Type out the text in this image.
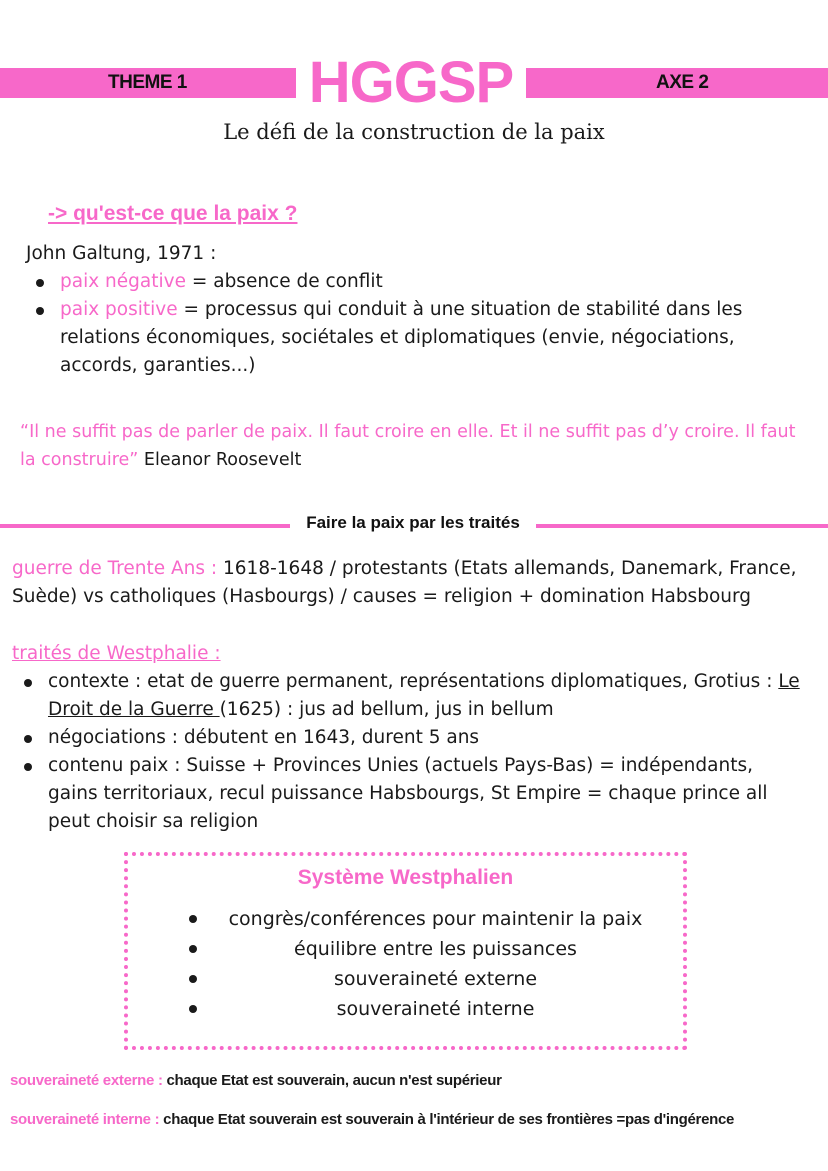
THEME 1 HGGSP	AXE 2
Le défi de la construction de la paix
-> qu'est-ce que la paix ?
John Galtung, 1971 :
paix négative = absence de conflit
paix positive = processus qui conduit à une situation de stabilité dans les relations économiques, sociétales et diplomatiques (envie, négociations, accords, garanties...)
“Il ne suffit pas de parler de paix. Il faut croire en elle. Et il ne suffit pas d’y croire. Il faut la construire” Eleanor Roosevelt
Faire la paix par les traités
guerre de Trente Ans : 1618-1648 / protestants (Etats allemands, Danemark, France, Suède) vs catholiques (Hasbourgs) / causes = religion + domination Habsbourg
traités de Westphalie :
contexte : etat de guerre permanent, représentations diplomatiques, Grotius : Le Droit de la Guerre (1625) : jus ad bellum, jus in bellum
négociations : débutent en 1643, durent 5 ans
contenu paix : Suisse + Provinces Unies (actuels Pays-Bas) = indépendants, gains territoriaux, recul puissance Habsbourgs, St Empire = chaque prince all peut choisir sa religion
Système Westphalien
congrès/conférences pour maintenir la paix
équilibre entre les puissances
souveraineté externe
souveraineté interne
souveraineté externe : chaque Etat est souverain, aucun n'est supérieur
souveraineté interne : chaque Etat souverain est souverain à l'intérieur de ses frontières =pas d'ingérence
